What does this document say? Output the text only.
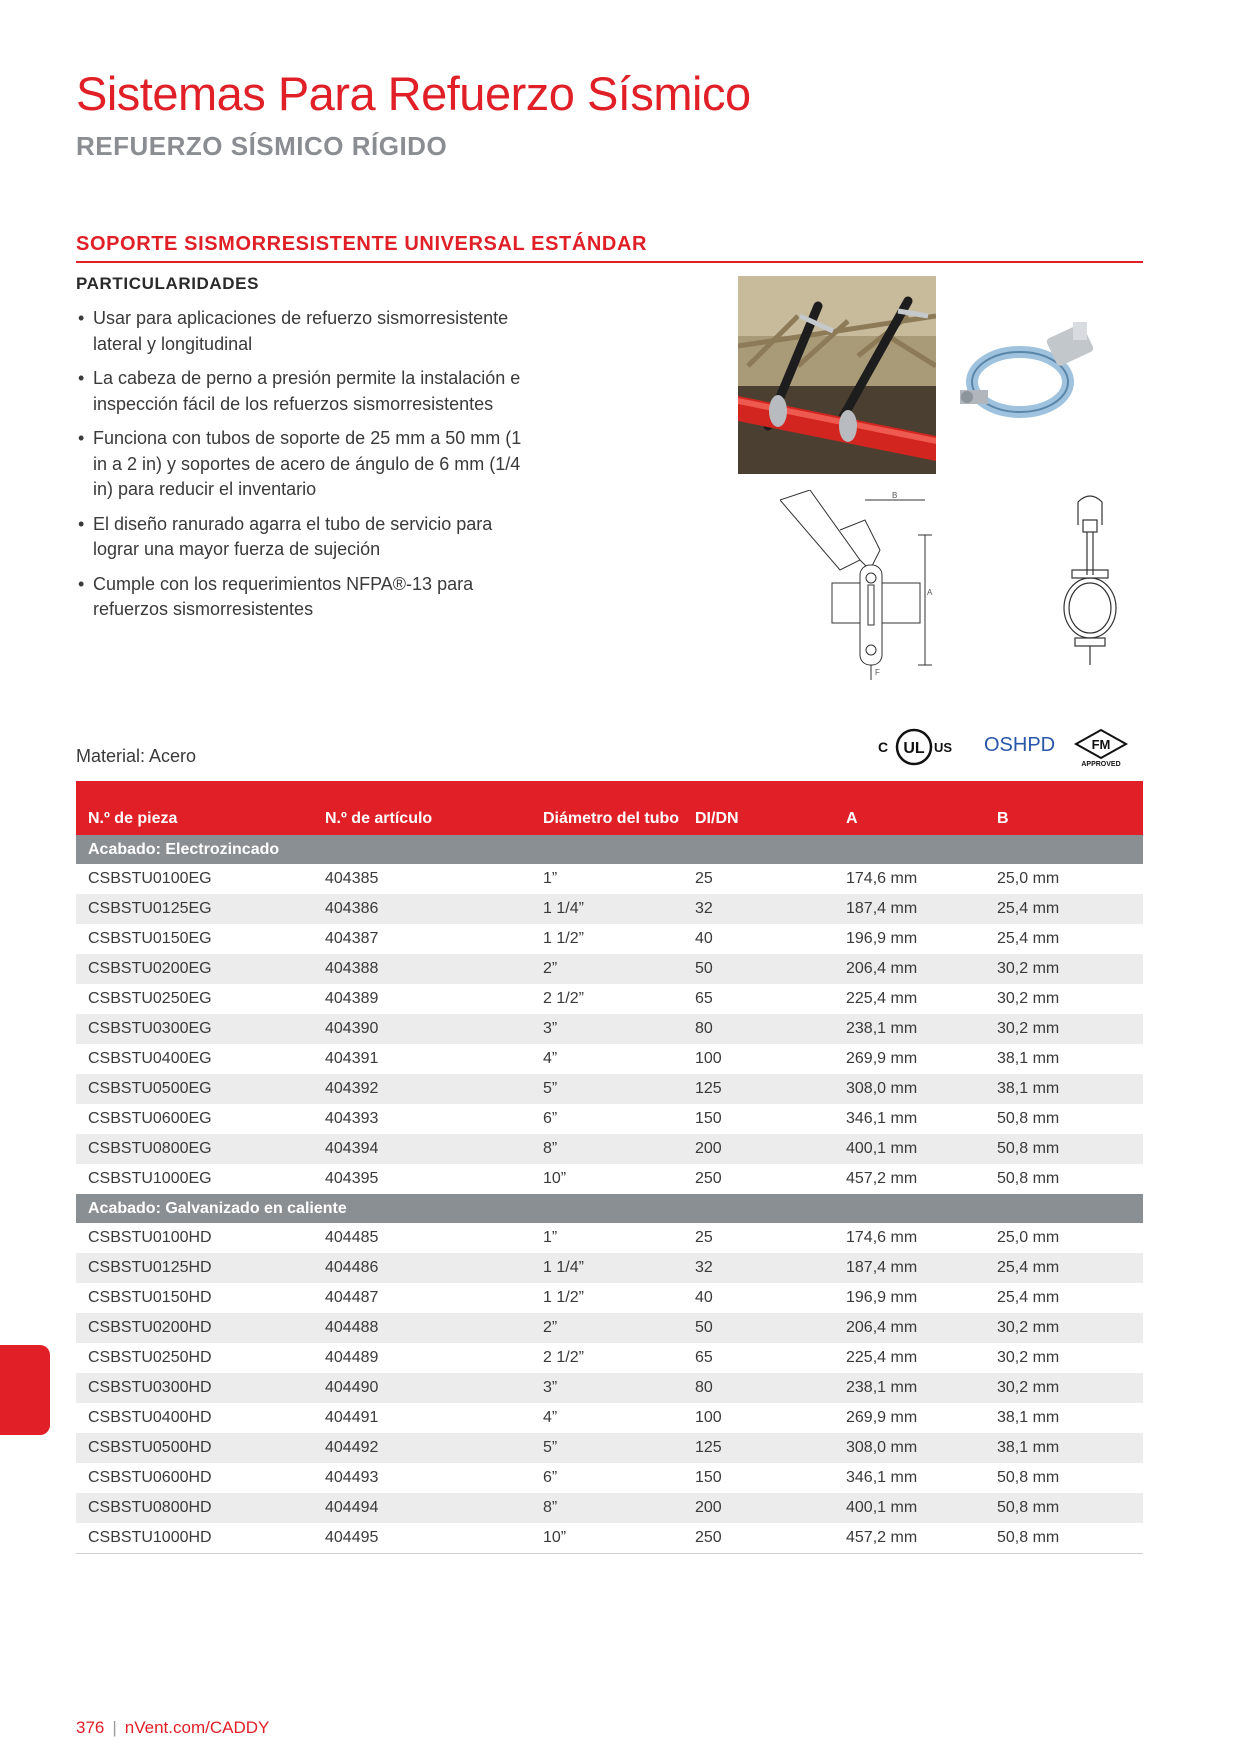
Sistemas Para Refuerzo Sísmico
REFUERZO SÍSMICO RÍGIDO
SOPORTE SISMORRESISTENTE UNIVERSAL ESTÁNDAR
PARTICULARIDADES
• Usar para aplicaciones de refuerzo sismorresistente lateral y longitudinal
• La cabeza de perno a presión permite la instalación e inspección fácil de los refuerzos sismorresistentes
• Funciona con tubos de soporte de 25 mm a 50 mm (1 in a 2 in) y soportes de acero de ángulo de 6 mm (1/4 in) para reducir el inventario
• El diseño ranurado agarra el tubo de servicio para lograr una mayor fuerza de sujeción
• Cumple con los requerimientos NFPA®-13 para refuerzos sismorresistentes
Material: Acero
B
A
F
C UL US OSHPD	FM
APPROVED
N.º de pieza	N.º de artículo	Diámetro del tubo	DI/DN	A	B
Acabado: Electrozincado					
CSBSTU0100EG	404385	1”	25	174,6 mm	25,0 mm
CSBSTU0125EG	404386	1 1/4”	32	187,4 mm	25,4 mm
CSBSTU0150EG	404387	1 1/2”	40	196,9 mm	25,4 mm
CSBSTU0200EG	404388	2”	50	206,4 mm	30,2 mm
CSBSTU0250EG	404389	2 1/2”	65	225,4 mm	30,2 mm
CSBSTU0300EG	404390	3”	80	238,1 mm	30,2 mm
CSBSTU0400EG	404391	4”	100	269,9 mm	38,1 mm
CSBSTU0500EG	404392	5”	125	308,0 mm	38,1 mm
CSBSTU0600EG	404393	6”	150	346,1 mm	50,8 mm
CSBSTU0800EG	404394	8”	200	400,1 mm	50,8 mm
CSBSTU1000EG	404395	10”	250	457,2 mm	50,8 mm
Acabado: Galvanizado en caliente					
CSBSTU0100HD	404485	1”	25	174,6 mm	25,0 mm
CSBSTU0125HD	404486	1 1/4”	32	187,4 mm	25,4 mm
CSBSTU0150HD	404487	1 1/2”	40	196,9 mm	25,4 mm
CSBSTU0200HD	404488	2”	50	206,4 mm	30,2 mm
CSBSTU0250HD	404489	2 1/2”	65	225,4 mm	30,2 mm
CSBSTU0300HD	404490	3”	80	238,1 mm	30,2 mm
CSBSTU0400HD	404491	4”	100	269,9 mm	38,1 mm
CSBSTU0500HD	404492	5”	125	308,0 mm	38,1 mm
CSBSTU0600HD	404493	6”	150	346,1 mm	50,8 mm
CSBSTU0800HD	404494	8”	200	400,1 mm	50,8 mm
CSBSTU1000HD	404495	10”	250	457,2 mm	50,8 mm
376 | nVent.com/CADDY
